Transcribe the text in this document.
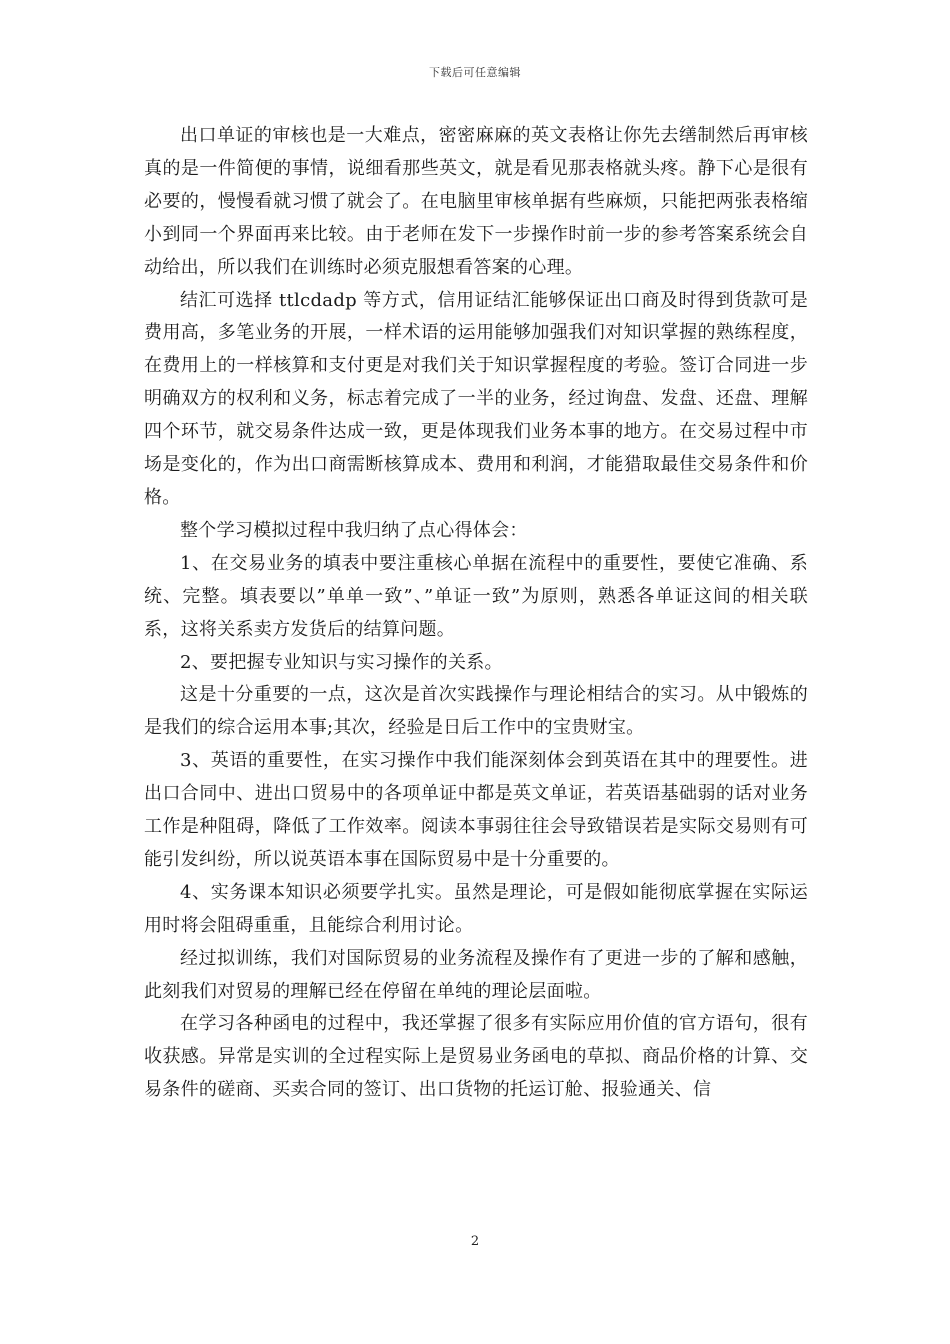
下载后可任意编辑

出口单证的审核也是一大难点，密密麻麻的英文表格让你先去缮制然后再审核真的是一件简便的事情，说细看那些英文，就是看见那表格就头疼。静下心是很有必要的，慢慢看就习惯了就会了。在电脑里审核单据有些麻烦，只能把两张表格缩小到同一个界面再来比较。由于老师在发下一步操作时前一步的参考答案系统会自动给出，所以我们在训练时必须克服想看答案的心理。

结汇可选择 ttlcdadp 等方式，信用证结汇能够保证出口商及时得到货款可是费用高，多笔业务的开展，一样术语的运用能够加强我们对知识掌握的熟练程度，在费用上的一样核算和支付更是对我们关于知识掌握程度的考验。签订合同进一步明确双方的权利和义务，标志着完成了一半的业务，经过询盘、发盘、还盘、理解四个环节，就交易条件达成一致，更是体现我们业务本事的地方。在交易过程中市场是变化的，作为出口商需断核算成本、费用和利润，才能猎取最佳交易条件和价格。

整个学习模拟过程中我归纳了点心得体会：

1、在交易业务的填表中要注重核心单据在流程中的重要性，要使它准确、系统、完整。填表要以”单单一致”、”单证一致”为原则，熟悉各单证这间的相关联系，这将关系卖方发货后的结算问题。

2、要把握专业知识与实习操作的关系。

这是十分重要的一点，这次是首次实践操作与理论相结合的实习。从中锻炼的是我们的综合运用本事;其次，经验是日后工作中的宝贵财宝。

3、英语的重要性，在实习操作中我们能深刻体会到英语在其中的理要性。进出口合同中、进出口贸易中的各项单证中都是英文单证，若英语基础弱的话对业务工作是种阻碍，降低了工作效率。阅读本事弱往往会导致错误若是实际交易则有可能引发纠纷，所以说英语本事在国际贸易中是十分重要的。

4、实务课本知识必须要学扎实。虽然是理论，可是假如能彻底掌握在实际运用时将会阻碍重重，且能综合利用讨论。

经过拟训练，我们对国际贸易的业务流程及操作有了更进一步的了解和感触，此刻我们对贸易的理解已经在停留在单纯的理论层面啦。

在学习各种函电的过程中，我还掌握了很多有实际应用价值的官方语句，很有收获感。异常是实训的全过程实际上是贸易业务函电的草拟、商品价格的计算、交易条件的磋商、买卖合同的签订、出口货物的托运订舱、报验通关、信

2
